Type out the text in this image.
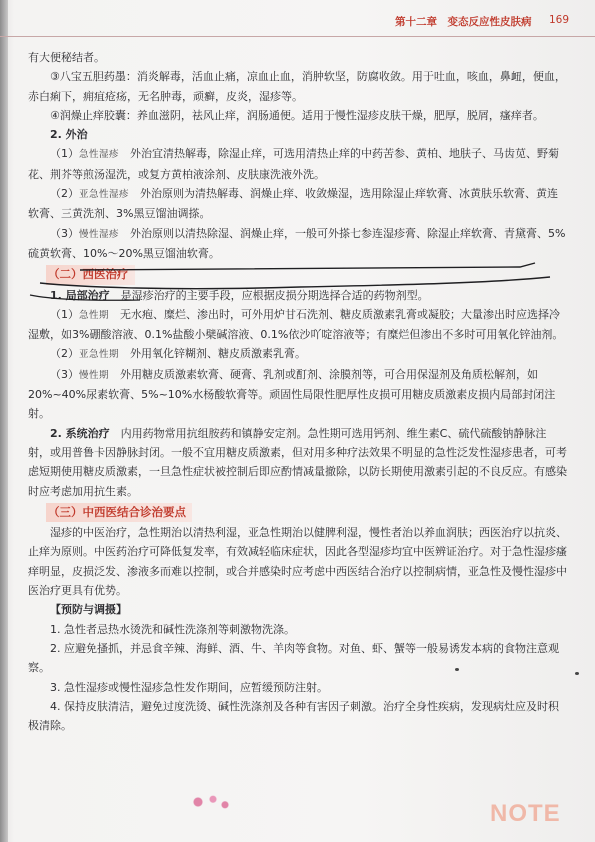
第十二章　变态反应性皮肤病 169

有大便秘结者。

③八宝五胆药墨：消炎解毒，活血止痛，凉血止血，消肿软坚，防腐收敛。用于吐血，咳血，鼻衄，便血，赤白痢下，痈疽疮疡，无名肿毒，顽癣，皮炎，湿疹等。

④润燥止痒胶囊：养血滋阴，祛风止痒，润肠通便。适用于慢性湿疹皮肤干燥，肥厚，脱屑，瘙痒者。

2. 外治

（1）急性湿疹　外治宜清热解毒，除湿止痒，可选用清热止痒的中药苦参、黄柏、地肤子、马齿苋、野菊花、荆芥等煎汤湿洗，或复方黄柏液涂剂、皮肤康洗液外洗。

（2）亚急性湿疹　外治原则为清热解毒、润燥止痒、收敛燥湿，选用除湿止痒软膏、冰黄肤乐软膏、黄连软膏、三黄洗剂、3%黑豆馏油调搽。

（3）慢性湿疹　外治原则以清热除湿、润燥止痒，一般可外搽七参连湿疹膏、除湿止痒软膏、青黛膏、5%硫黄软膏、10%～20%黑豆馏油软膏。

（二）西医治疗

1. 局部治疗　是湿疹治疗的主要手段，应根据皮损分期选择合适的药物剂型。

（1）急性期　无水疱、糜烂、渗出时，可外用炉甘石洗剂、糖皮质激素乳膏或凝胶；大量渗出时应选择冷湿敷，如3%硼酸溶液、0.1%盐酸小檗碱溶液、0.1%依沙吖啶溶液等；有糜烂但渗出不多时可用氧化锌油剂。

（2）亚急性期　外用氧化锌糊剂、糖皮质激素乳膏。

（3）慢性期　外用糖皮质激素软膏、硬膏、乳剂或酊剂、涂膜剂等，可合用保湿剂及角质松解剂，如20%~40%尿素软膏、5%~10%水杨酸软膏等。顽固性局限性肥厚性皮损可用糖皮质激素皮损内局部封闭注射。

2. 系统治疗　内用药物常用抗组胺药和镇静安定剂。急性期可选用钙剂、维生素C、硫代硫酸钠静脉注射，或用普鲁卡因静脉封闭。一般不宜用糖皮质激素，但对用多种疗法效果不明显的急性泛发性湿疹患者，可考虑短期使用糖皮质激素，一旦急性症状被控制后即应酌情减量撤除，以防长期使用激素引起的不良反应。有感染时应考虑加用抗生素。

（三）中西医结合诊治要点

湿疹的中医治疗，急性期治以清热利湿，亚急性期治以健脾利湿，慢性者治以养血润肤；西医治疗以抗炎、止痒为原则。中医药治疗可降低复发率，有效减轻临床症状，因此各型湿疹均宜中医辨证治疗。对于急性湿疹瘙痒明显，皮损泛发、渗液多而难以控制，或合并感染时应考虑中西医结合治疗以控制病情，亚急性及慢性湿疹中医治疗更具有优势。

【预防与调摄】

1. 急性者忌热水烫洗和碱性洗涤剂等刺激物洗涤。

2. 应避免搔抓，并忌食辛辣、海鲜、酒、牛、羊肉等食物。对鱼、虾、蟹等一般易诱发本病的食物注意观察。

3. 急性湿疹或慢性湿疹急性发作期间，应暂缓预防注射。

4. 保持皮肤清洁，避免过度洗烫、碱性洗涤剂及各种有害因子刺激。治疗全身性疾病，发现病灶应及时积极清除。

NOTE
